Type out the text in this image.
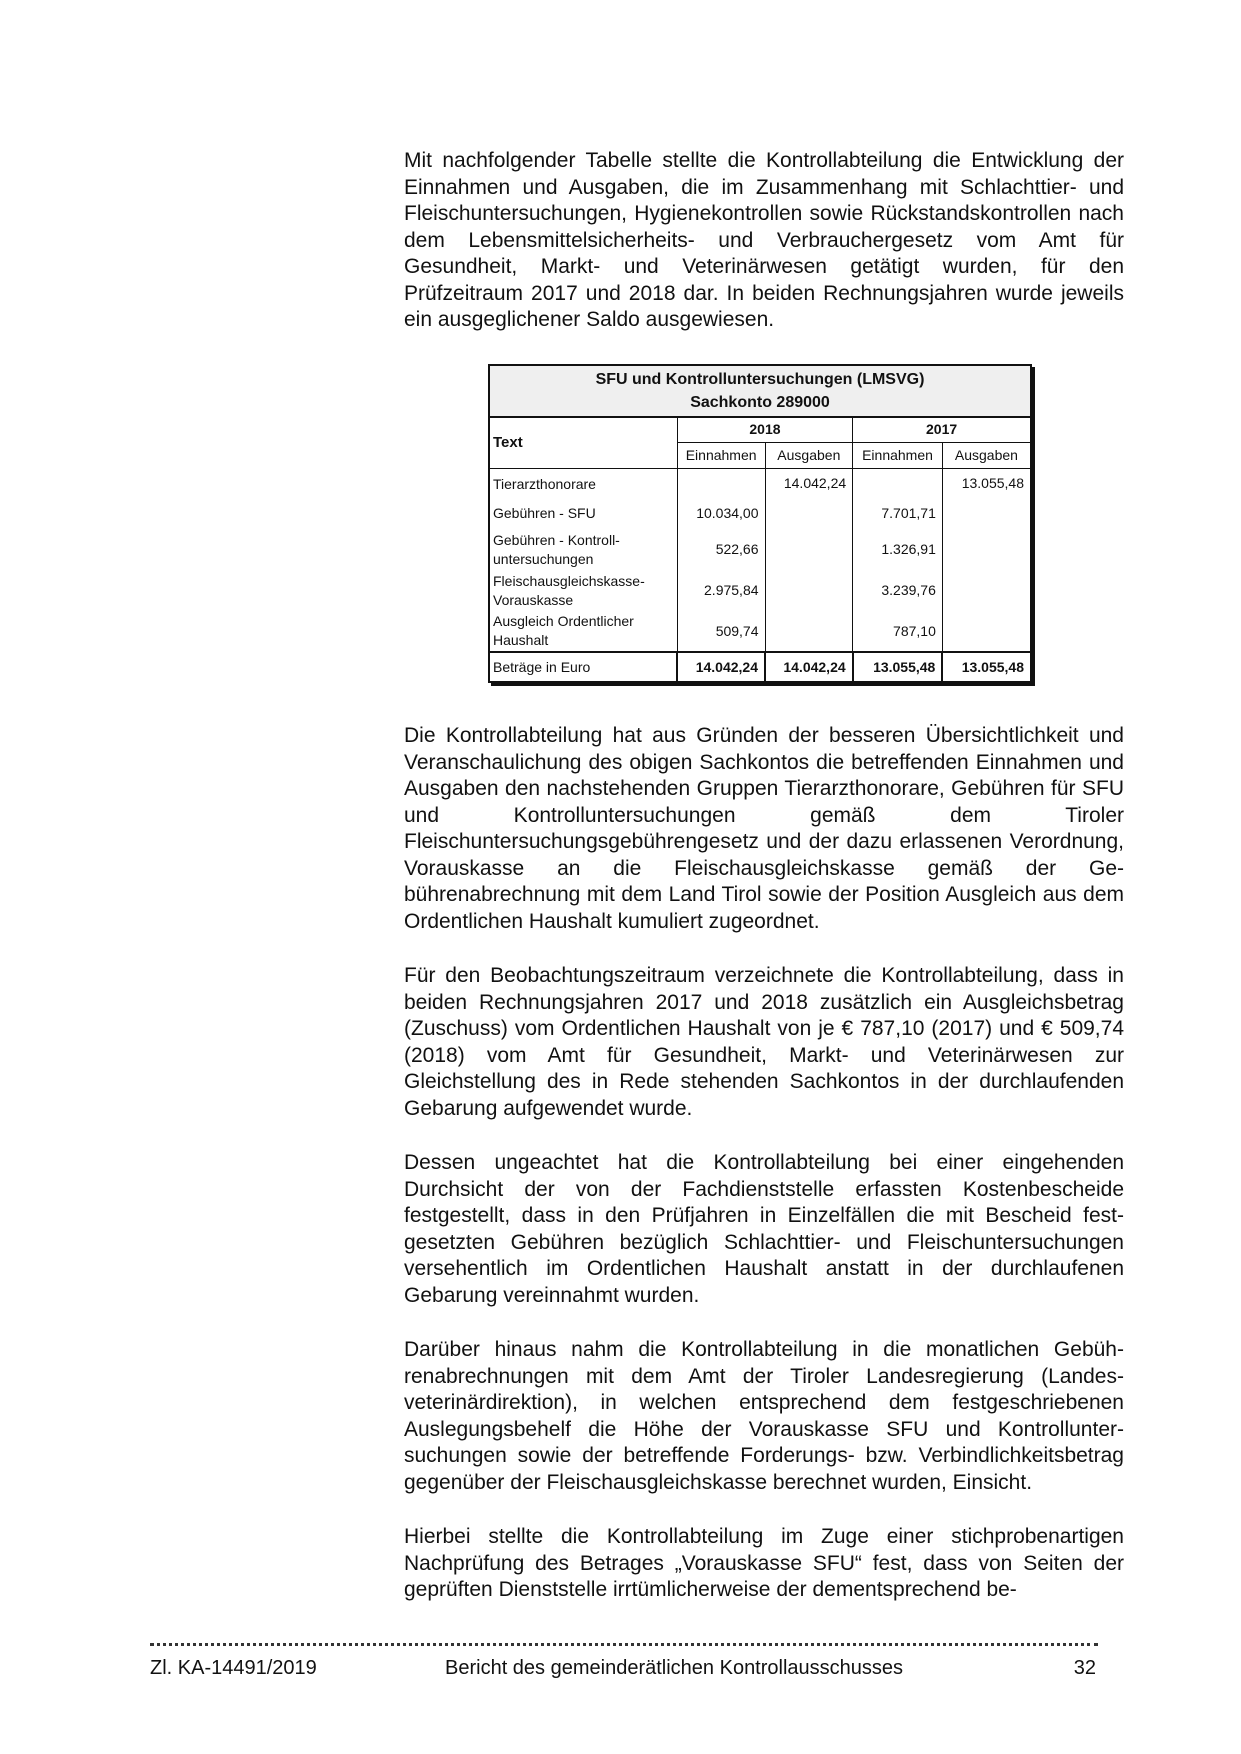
Mit nachfolgender Tabelle stellte die Kontrollabteilung die Entwicklung der Einnahmen und Ausgaben, die im Zusammenhang mit Schlachttier- und Fleischuntersuchungen, Hygienekontrollen sowie Rückstandskontrollen nach dem Lebensmittelsicherheits- und Verbrauchergesetz vom Amt für Gesundheit, Markt- und Veterinärwesen getätigt wurden, für den Prüfzeitraum 2017 und 2018 dar. In beiden Rechnungsjahren wurde jeweils ein ausgeglichener Saldo ausgewiesen.

SFU und Kontrolluntersuchungen (LMSVG)
Sachkonto 289000				

Text	2018		2017	
	Einnahmen	Ausgaben	Einnahmen	Ausgaben
Tierarzthonorare		14.042,24		13.055,48
Gebühren - SFU	10.034,00		7.701,71	

Gebühren - Kontroll-
untersuchungen	522,66		1.326,91	

Fleischausgleichskasse-
Vorauskasse	2.975,84		3.239,76	

Ausgleich Ordentlicher
Haushalt	509,74		787,10	
Beträge in Euro	14.042,24	14.042,24	13.055,48	13.055,48

Die Kontrollabteilung hat aus Gründen der besseren Übersichtlichkeit und Veranschaulichung des obigen Sachkontos die betreffenden Einnahmen und Ausgaben den nachstehenden Gruppen Tierarzthonorare, Gebühren für SFU und Kontrolluntersuchungen gemäß dem Tiroler Fleischuntersuchungsgebührengesetz und der dazu erlassenen Verordnung, Vorauskasse an die Fleischausgleichskasse gemäß der Gebührenabrechnung mit dem Land Tirol sowie der Position Ausgleich aus dem Ordentlichen Haushalt kumuliert zugeordnet.

Für den Beobachtungszeitraum verzeichnete die Kontrollabteilung, dass in beiden Rechnungsjahren 2017 und 2018 zusätzlich ein Ausgleichsbetrag (Zuschuss) vom Ordentlichen Haushalt von je € 787,10 (2017) und € 509,74 (2018) vom Amt für Gesundheit, Markt- und Veterinärwesen zur Gleichstellung des in Rede stehenden Sachkontos in der durchlaufenden Gebarung aufgewendet wurde.

Dessen ungeachtet hat die Kontrollabteilung bei einer eingehenden Durchsicht der von der Fachdienststelle erfassten Kostenbescheide festgestellt, dass in den Prüfjahren in Einzelfällen die mit Bescheid festgesetzten Gebühren bezüglich Schlachttier- und Fleischuntersuchungen versehentlich im Ordentlichen Haushalt anstatt in der durchlaufenen Gebarung vereinnahmt wurden.

Darüber hinaus nahm die Kontrollabteilung in die monatlichen Gebührenabrechnungen mit dem Amt der Tiroler Landesregierung (Landesveterinärdirektion), in welchen entsprechend dem festgeschriebenen Auslegungsbehelf die Höhe der Vorauskasse SFU und Kontrolluntersuchungen sowie der betreffende Forderungs- bzw. Verbindlichkeitsbetrag gegenüber der Fleischausgleichskasse berechnet wurden, Einsicht.

Hierbei stellte die Kontrollabteilung im Zuge einer stichprobenartigen Nachprüfung des Betrages „Vorauskasse SFU“ fest, dass von Seiten der geprüften Dienststelle irrtümlicherweise der dementsprechend be-

Zl. KA-14491/2019	Bericht des gemeinderätlichen Kontrollausschusses	32
